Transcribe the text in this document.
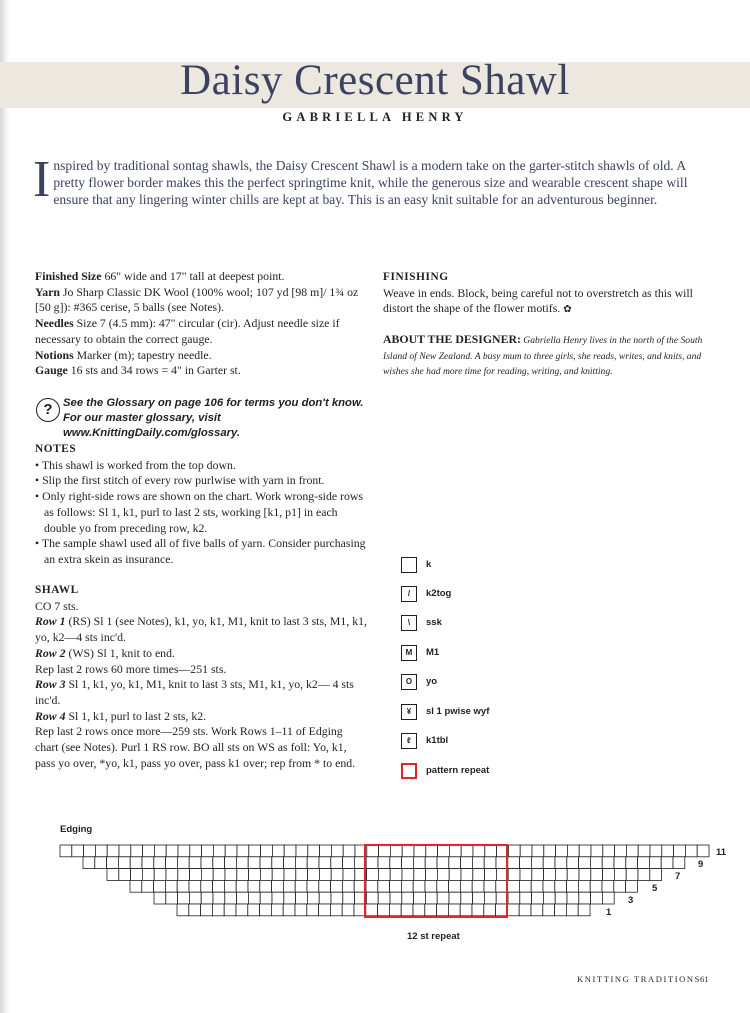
Daisy Crescent Shawl
GABRIELLA HENRY
Inspired by traditional sontag shawls, the Daisy Crescent Shawl is a modern take on the garter-stitch shawls of old. A pretty flower border makes this the perfect springtime knit, while the generous size and wearable crescent shape will ensure that any lingering winter chills are kept at bay. This is an easy knit suitable for an adventurous beginner.
Finished Size 66" wide and 17" tall at deepest point.
Yarn Jo Sharp Classic DK Wool (100% wool; 107 yd [98 m]/ 1¾ oz [50 g]): #365 cerise, 5 balls (see Notes).
Needles Size 7 (4.5 mm): 47" circular (cir). Adjust needle size if necessary to obtain the correct gauge.
Notions Marker (m); tapestry needle.
Gauge 16 sts and 34 rows = 4" in Garter st.
? See the Glossary on page 106 for terms you don't know. For our master glossary, visit www.KnittingDaily.com/glossary.
NOTES
• This shawl is worked from the top down.
• Slip the first stitch of every row purlwise with yarn in front.
• Only right-side rows are shown on the chart. Work wrong-side rows as follows: Sl 1, k1, purl to last 2 sts, working [k1, p1] in each double yo from preceding row, k2.
• The sample shawl used all of five balls of yarn. Consider purchasing an extra skein as insurance.
SHAWL
CO 7 sts.
Row 1 (RS) Sl 1 (see Notes), k1, yo, k1, M1, knit to last 3 sts, M1, k1, yo, k2—4 sts inc'd.
Row 2 (WS) Sl 1, knit to end.
Rep last 2 rows 60 more times—251 sts.
Row 3 Sl 1, k1, yo, k1, M1, knit to last 3 sts, M1, k1, yo, k2— 4 sts inc'd.
Row 4 Sl 1, k1, purl to last 2 sts, k2.
Rep last 2 rows once more—259 sts. Work Rows 1–11 of Edging chart (see Notes). Purl 1 RS row. BO all sts on WS as foll: Yo, k1, pass yo over, *yo, k1, pass yo over, pass k1 over; rep from * to end.
FINISHING
Weave in ends. Block, being careful not to overstretch as this will distort the shape of the flower motifs. ✿
ABOUT THE DESIGNER: Gabriella Henry lives in the north of the South Island of New Zealand. A busy mum to three girls, she reads, writes, and knits, and wishes she had more time for reading, writing, and knitting.
k
/	k2tog
\	ssk
M	M1
O	yo
¥	sl 1 pwise wyf
ℓ	k1tbl
pattern repeat
Edging
11
9
7
5
3
1
12 st repeat
KNITTING TRADITIONS 61
